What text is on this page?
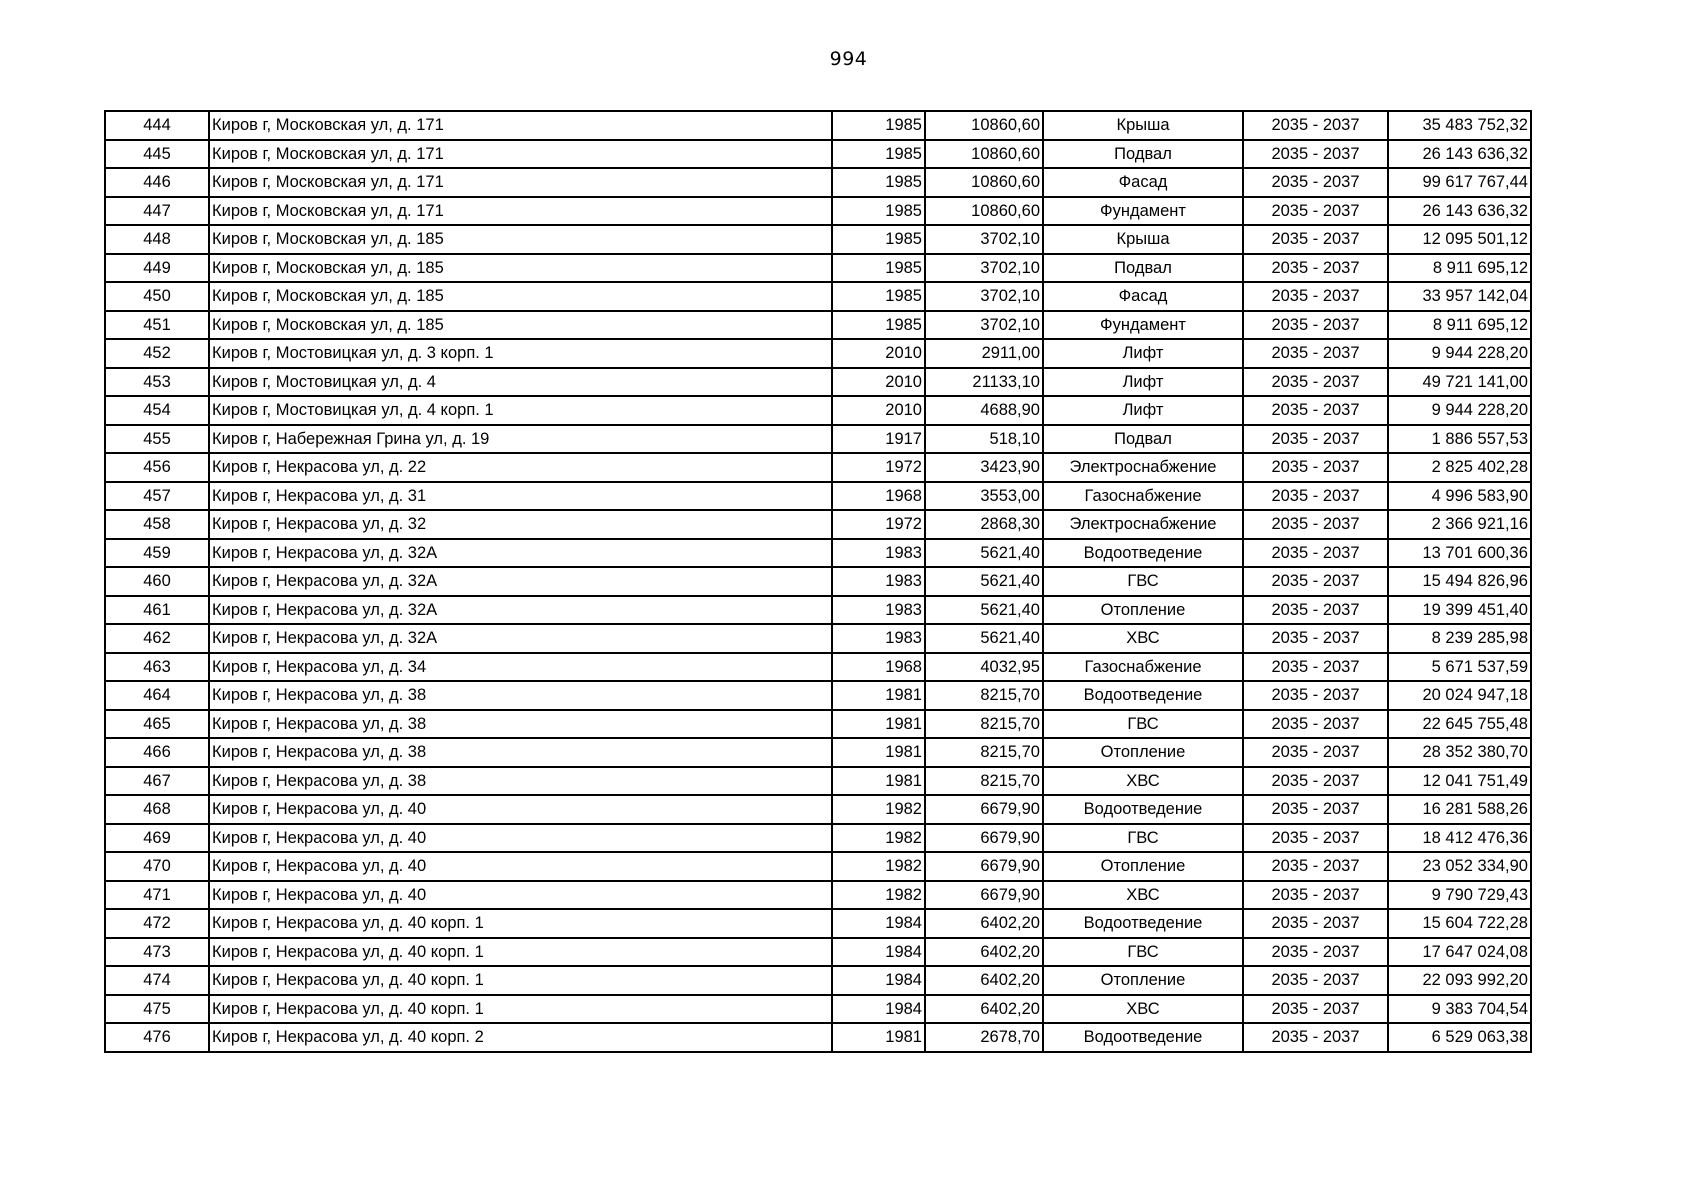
994
444	Киров г, Московская ул, д. 171	1985	10860,60	Крыша	2035 - 2037	35 483 752,32
445	Киров г, Московская ул, д. 171	1985	10860,60	Подвал	2035 - 2037	26 143 636,32
446	Киров г, Московская ул, д. 171	1985	10860,60	Фасад	2035 - 2037	99 617 767,44
447	Киров г, Московская ул, д. 171	1985	10860,60	Фундамент	2035 - 2037	26 143 636,32
448	Киров г, Московская ул, д. 185	1985	3702,10	Крыша	2035 - 2037	12 095 501,12
449	Киров г, Московская ул, д. 185	1985	3702,10	Подвал	2035 - 2037	8 911 695,12
450	Киров г, Московская ул, д. 185	1985	3702,10	Фасад	2035 - 2037	33 957 142,04
451	Киров г, Московская ул, д. 185	1985	3702,10	Фундамент	2035 - 2037	8 911 695,12
452	Киров г, Мостовицкая ул, д. 3 корп. 1	2010	2911,00	Лифт	2035 - 2037	9 944 228,20
453	Киров г, Мостовицкая ул, д. 4	2010	21133,10	Лифт	2035 - 2037	49 721 141,00
454	Киров г, Мостовицкая ул, д. 4 корп. 1	2010	4688,90	Лифт	2035 - 2037	9 944 228,20
455	Киров г, Набережная Грина ул, д. 19	1917	518,10	Подвал	2035 - 2037	1 886 557,53
456	Киров г, Некрасова ул, д. 22	1972	3423,90	Электроснабжение	2035 - 2037	2 825 402,28
457	Киров г, Некрасова ул, д. 31	1968	3553,00	Газоснабжение	2035 - 2037	4 996 583,90
458	Киров г, Некрасова ул, д. 32	1972	2868,30	Электроснабжение	2035 - 2037	2 366 921,16
459	Киров г, Некрасова ул, д. 32А	1983	5621,40	Водоотведение	2035 - 2037	13 701 600,36
460	Киров г, Некрасова ул, д. 32А	1983	5621,40	ГВС	2035 - 2037	15 494 826,96
461	Киров г, Некрасова ул, д. 32А	1983	5621,40	Отопление	2035 - 2037	19 399 451,40
462	Киров г, Некрасова ул, д. 32А	1983	5621,40	ХВС	2035 - 2037	8 239 285,98
463	Киров г, Некрасова ул, д. 34	1968	4032,95	Газоснабжение	2035 - 2037	5 671 537,59
464	Киров г, Некрасова ул, д. 38	1981	8215,70	Водоотведение	2035 - 2037	20 024 947,18
465	Киров г, Некрасова ул, д. 38	1981	8215,70	ГВС	2035 - 2037	22 645 755,48
466	Киров г, Некрасова ул, д. 38	1981	8215,70	Отопление	2035 - 2037	28 352 380,70
467	Киров г, Некрасова ул, д. 38	1981	8215,70	ХВС	2035 - 2037	12 041 751,49
468	Киров г, Некрасова ул, д. 40	1982	6679,90	Водоотведение	2035 - 2037	16 281 588,26
469	Киров г, Некрасова ул, д. 40	1982	6679,90	ГВС	2035 - 2037	18 412 476,36
470	Киров г, Некрасова ул, д. 40	1982	6679,90	Отопление	2035 - 2037	23 052 334,90
471	Киров г, Некрасова ул, д. 40	1982	6679,90	ХВС	2035 - 2037	9 790 729,43
472	Киров г, Некрасова ул, д. 40 корп. 1	1984	6402,20	Водоотведение	2035 - 2037	15 604 722,28
473	Киров г, Некрасова ул, д. 40 корп. 1	1984	6402,20	ГВС	2035 - 2037	17 647 024,08
474	Киров г, Некрасова ул, д. 40 корп. 1	1984	6402,20	Отопление	2035 - 2037	22 093 992,20
475	Киров г, Некрасова ул, д. 40 корп. 1	1984	6402,20	ХВС	2035 - 2037	9 383 704,54
476	Киров г, Некрасова ул, д. 40 корп. 2	1981	2678,70	Водоотведение	2035 - 2037	6 529 063,38
